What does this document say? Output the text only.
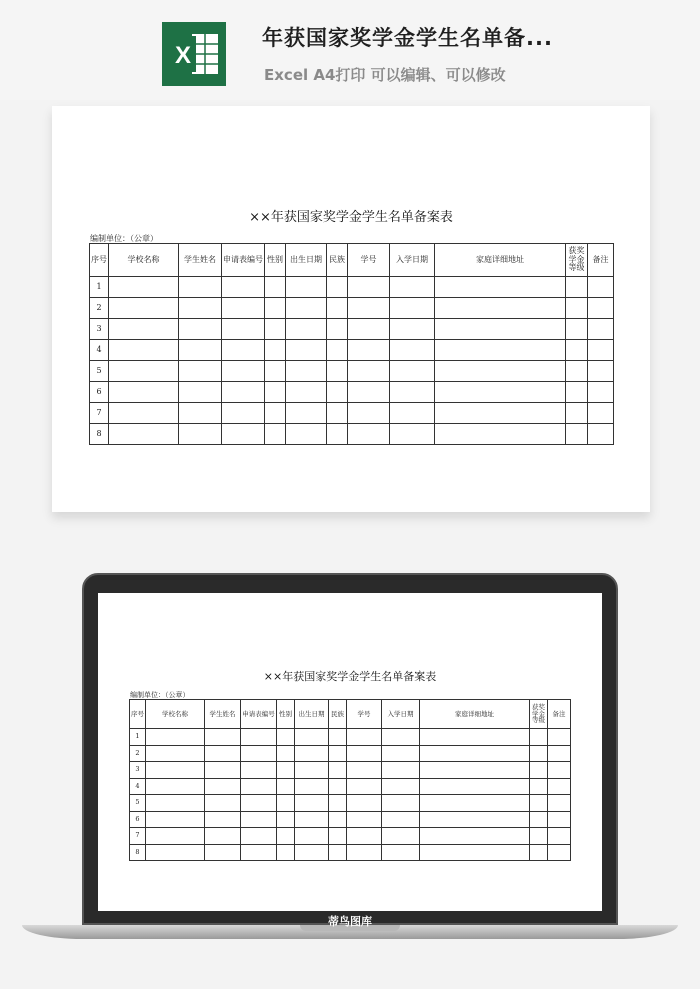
X
年获国家奖学金学生名单备...
Excel A4打印 可以编辑、可以修改
××年获国家奖学金学生名单备案表
编制单位：（公章）
序号	学校名称	学生姓名	申请表编号	性别	出生日期	民族	学号	入学日期	家庭详细地址	获奖学金等级	备注
1											
2											
3											
4											
5											
6											
7											
8											
××年获国家奖学金学生名单备案表
编制单位：（公章）
序号	学校名称	学生姓名	申请表编号	性别	出生日期	民族	学号	入学日期	家庭详细地址	获奖学金等级	备注
1											
2											
3											
4											
5											
6											
7											
8											
蒂鸟图库
